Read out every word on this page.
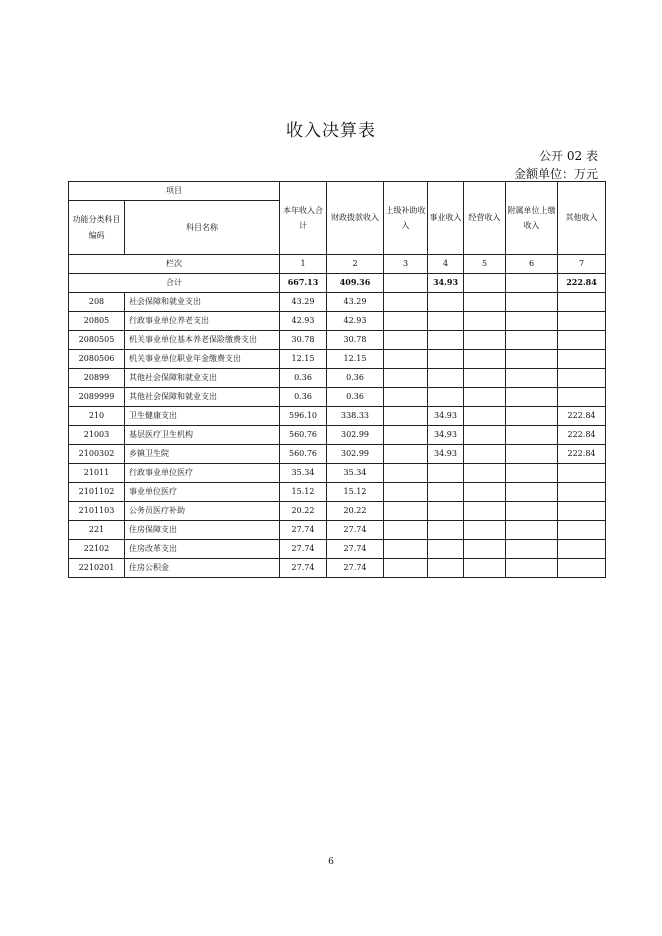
收入决算表
公开 02 表
金额单位：万元
项目		本年收入合计	财政拨款收入	上级补助收入	事业收入	经营收入	附属单位上缴收入	其他收入
功能分类科目编码	科目名称							
栏次		1	2	3	4	5	6	7
合计		667.13	409.36		34.93			222.84
208	社会保障和就业支出	43.29	43.29					
20805	行政事业单位养老支出	42.93	42.93					
2080505	机关事业单位基本养老保险缴费支出	30.78	30.78					
2080506	机关事业单位职业年金缴费支出	12.15	12.15					
20899	其他社会保障和就业支出	0.36	0.36					
2089999	其他社会保障和就业支出	0.36	0.36					
210	卫生健康支出	596.10	338.33		34.93			222.84
21003	基层医疗卫生机构	560.76	302.99		34.93			222.84
2100302	乡镇卫生院	560.76	302.99		34.93			222.84
21011	行政事业单位医疗	35.34	35.34					
2101102	事业单位医疗	15.12	15.12					
2101103	公务员医疗补助	20.22	20.22					
221	住房保障支出	27.74	27.74					
22102	住房改革支出	27.74	27.74					
2210201	住房公积金	27.74	27.74					
6
